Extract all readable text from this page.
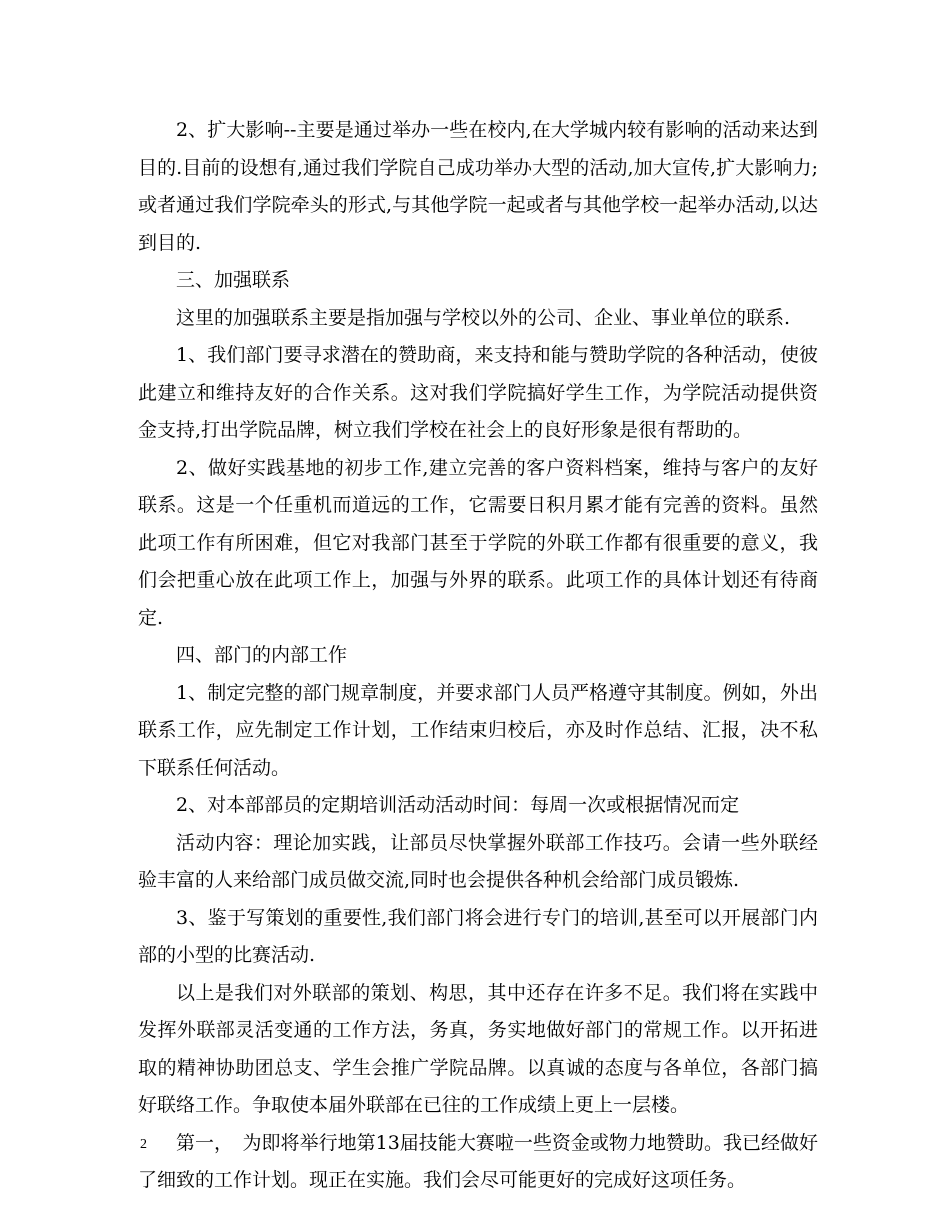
2、扩大影响--主要是通过举办一些在校内,在大学城内较有影响的活动来达到目的.目前的设想有,通过我们学院自己成功举办大型的活动,加大宣传,扩大影响力;或者通过我们学院牵头的形式,与其他学院一起或者与其他学校一起举办活动,以达到目的.

三、加强联系

这里的加强联系主要是指加强与学校以外的公司、企业、事业单位的联系.

1、我们部门要寻求潜在的赞助商，来支持和能与赞助学院的各种活动，使彼此建立和维持友好的合作关系。这对我们学院搞好学生工作，为学院活动提供资金支持,打出学院品牌，树立我们学校在社会上的良好形象是很有帮助的。

2、做好实践基地的初步工作,建立完善的客户资料档案，维持与客户的友好联系。这是一个任重机而道远的工作，它需要日积月累才能有完善的资料。虽然此项工作有所困难，但它对我部门甚至于学院的外联工作都有很重要的意义，我们会把重心放在此项工作上，加强与外界的联系。此项工作的具体计划还有待商定.

四、部门的内部工作

1、制定完整的部门规章制度，并要求部门人员严格遵守其制度。例如，外出联系工作，应先制定工作计划，工作结束归校后，亦及时作总结、汇报，决不私下联系任何活动。

2、对本部部员的定期培训活动活动时间：每周一次或根据情况而定

活动内容：理论加实践，让部员尽快掌握外联部工作技巧。会请一些外联经验丰富的人来给部门成员做交流,同时也会提供各种机会给部门成员锻炼.

3、鉴于写策划的重要性,我们部门将会进行专门的培训,甚至可以开展部门内部的小型的比赛活动.

以上是我们对外联部的策划、构思，其中还存在许多不足。我们将在实践中发挥外联部灵活变通的工作方法，务真，务实地做好部门的常规工作。以开拓进取的精神协助团总支、学生会推广学院品牌。以真诚的态度与各单位，各部门搞好联络工作。争取使本届外联部在已往的工作成绩上更上一层楼。

第一，　为即将举行地第13届技能大赛啦一些资金或物力地赞助。我已经做好了细致的工作计划。现正在实施。我们会尽可能更好的完成好这项任务。

2
